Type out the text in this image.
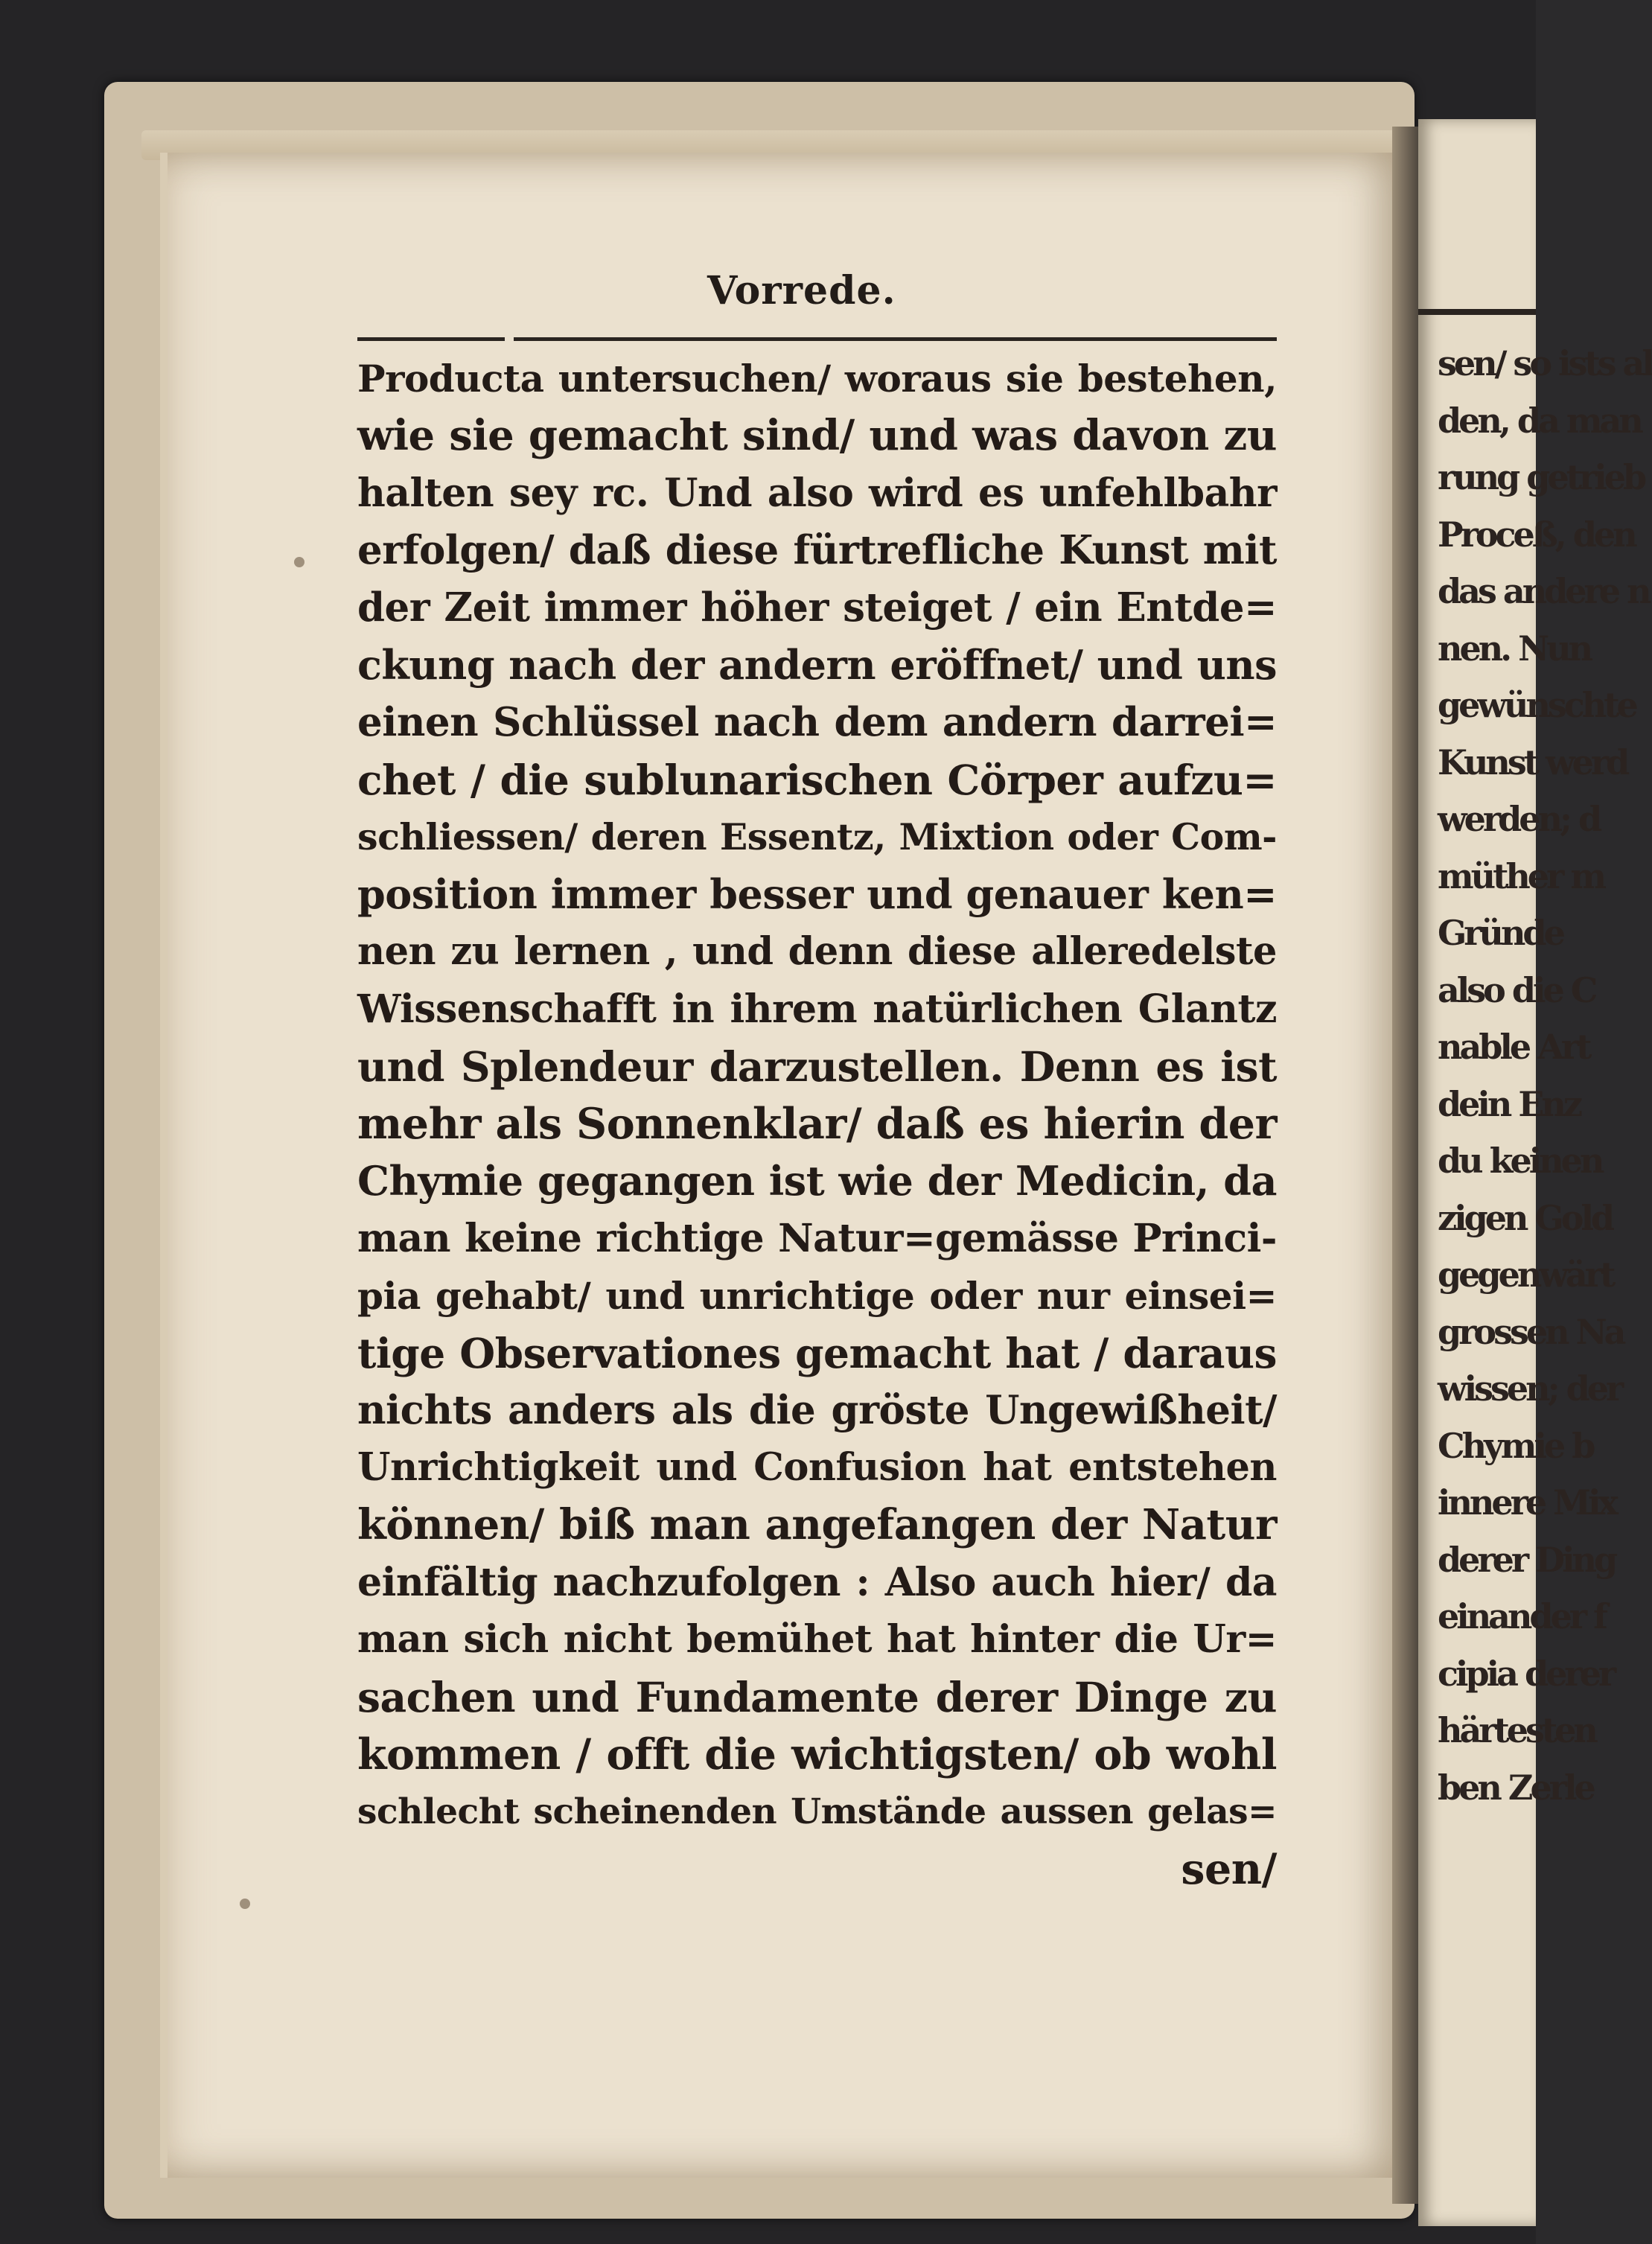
sen/ so ists al
den, da man
rung getrieb
Proceß, den
das andere n
nen. Nun
gewünschte
Kunst werd
werden; d
müther m
Gründe
also die C
nable Art
dein Enz
du keinen
zigen Gold
gegenwärt
grossen Na
wissen; der
Chymie b
innere Mix
derer Ding
einander f
cipia derer
härtesten
ben Zerle
Vorrede.
Producta untersuchen/ woraus sie bestehen,
wie sie gemacht sind/ und was davon zu
halten sey rc. Und also wird es unfehlbahr
erfolgen/ daß diese fürtrefliche Kunst mit
der Zeit immer höher steiget / ein Entde=
ckung nach der andern eröffnet/ und uns
einen Schlüssel nach dem andern darrei=
chet / die sublunarischen Cörper aufzu=
schliessen/ deren Essentz, Mixtion oder Com-
position immer besser und genauer ken=
nen zu lernen , und denn diese alleredelste
Wissenschafft in ihrem natürlichen Glantz
und Splendeur darzustellen. Denn es ist
mehr als Sonnenklar/ daß es hierin der
Chymie gegangen ist wie der Medicin, da
man keine richtige Natur=gemässe Princi-
pia gehabt/ und unrichtige oder nur einsei=
tige Observationes gemacht hat / daraus
nichts anders als die gröste Ungewißheit/
Unrichtigkeit und Confusion hat entstehen
können/ biß man angefangen der Natur
einfältig nachzufolgen : Also auch hier/ da
man sich nicht bemühet hat hinter die Ur=
sachen und Fundamente derer Dinge zu
kommen / offt die wichtigsten/ ob wohl
schlecht scheinenden Umstände aussen gelas=
sen/
